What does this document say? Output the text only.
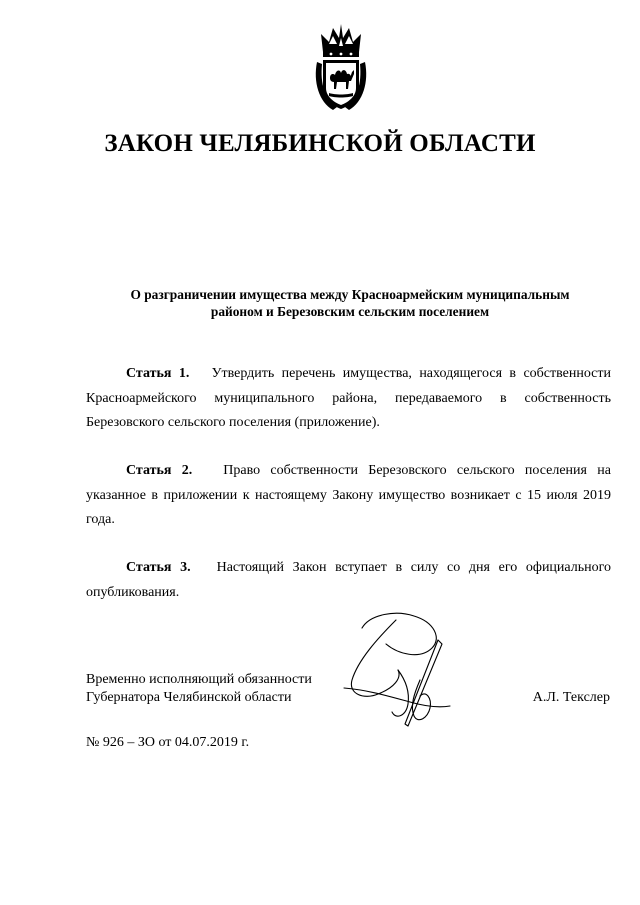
ЗАКОН ЧЕЛЯБИНСКОЙ ОБЛАСТИ
О разграничении имущества между Красноармейским муниципальным
районом и Березовским сельским поселением

Статья 1. Утвердить перечень имущества, находящегося в собственности Красноармейского муниципального района, передаваемого в собственность Березовского сельского поселения (приложение).

Статья 2. Право собственности Березовского сельского поселения на указанное в приложении к настоящему Закону имущество возникает с 15 июля 2019 года.

Статья 3. Настоящий Закон вступает в силу со дня его официального опубликования.

Временно исполняющий обязанности
Губернатора Челябинской области	А.Л. Текслер

№ 926 – ЗО от 04.07.2019 г.
